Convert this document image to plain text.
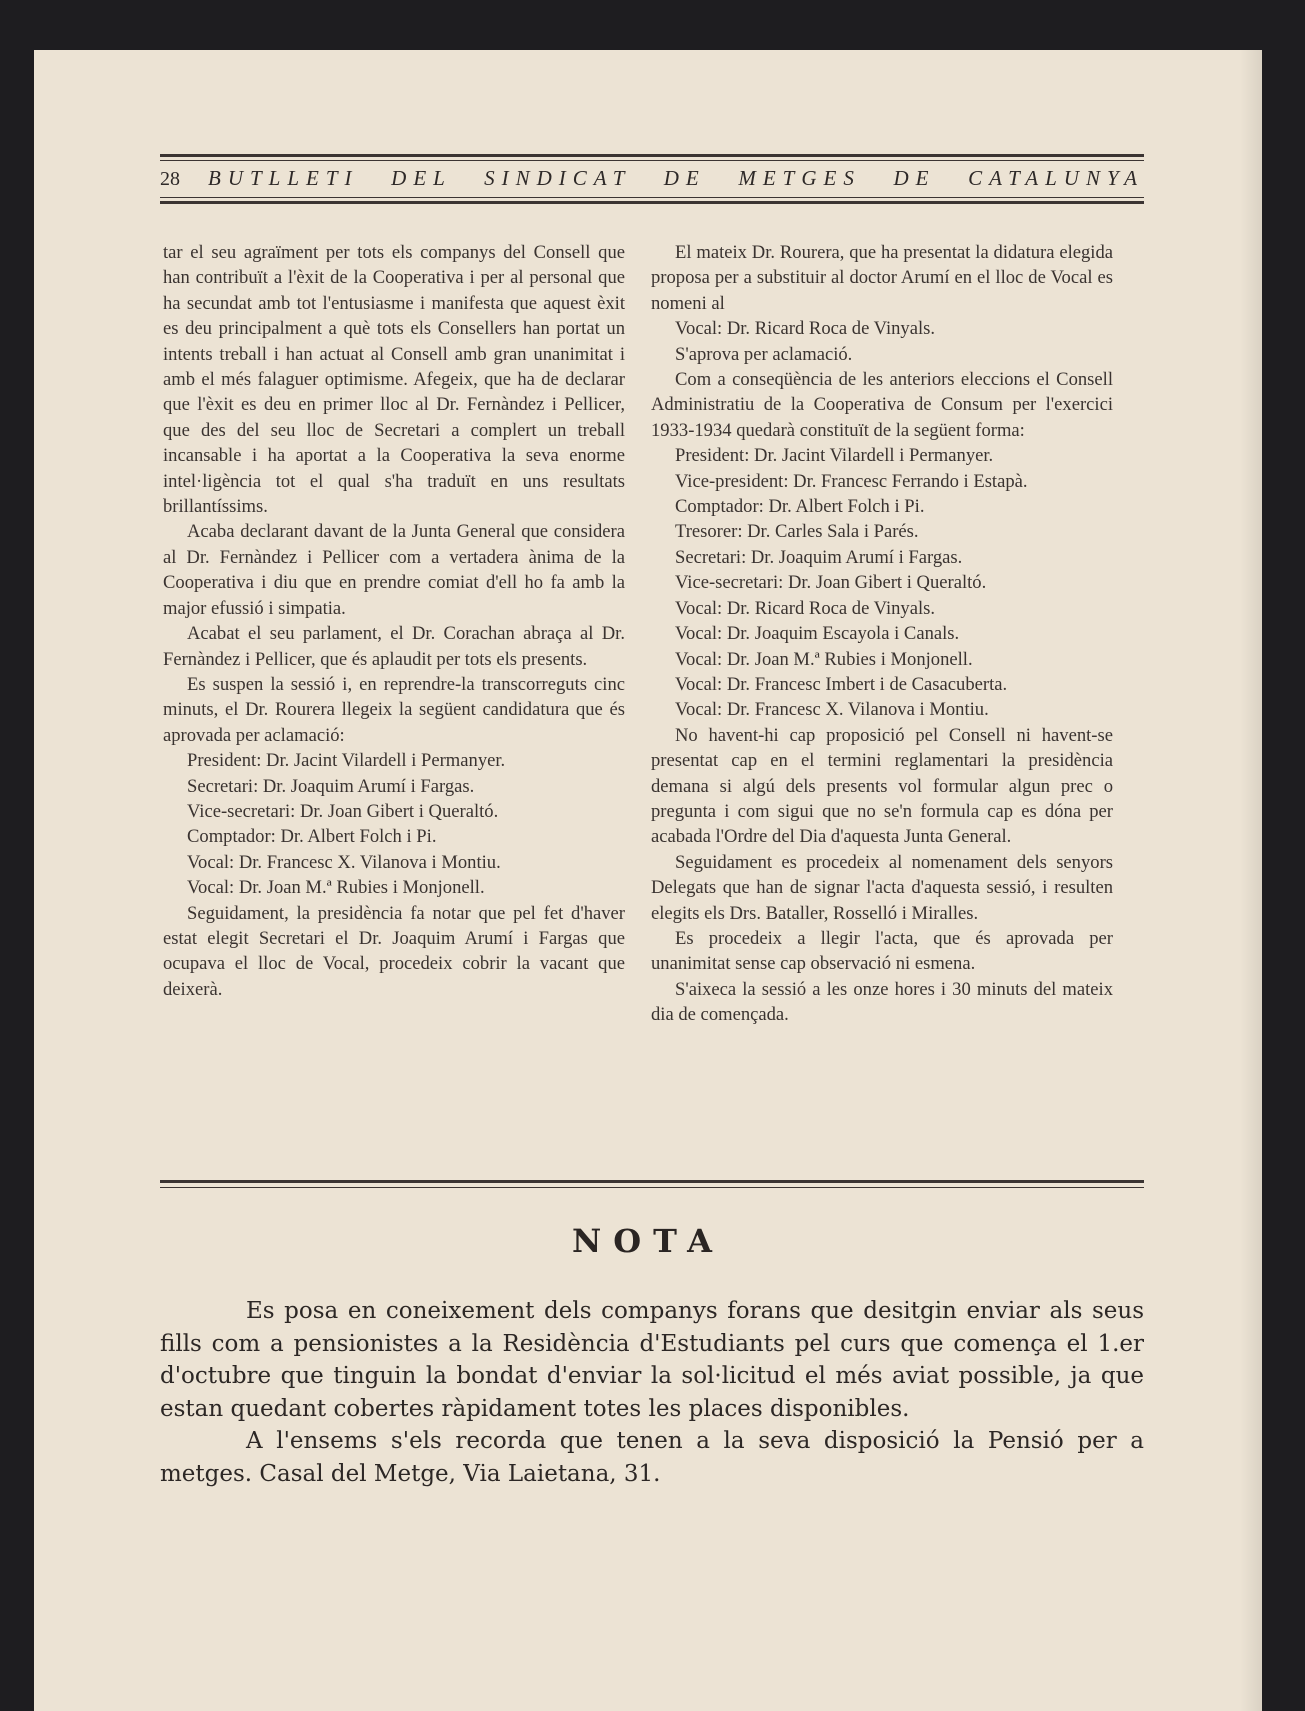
28 BUTLLETI DEL SINDICAT DE METGES DE CATALUNYA

tar el seu agraïment per tots els companys del Consell que han contribuït a l'èxit de la Cooperativa i per al personal que ha secundat amb tot l'entusiasme i manifesta que aquest èxit es deu principalment a què tots els Consellers han portat un intents treball i han actuat al Consell amb gran unanimitat i amb el més falaguer optimisme. Afegeix, que ha de declarar que l'èxit es deu en primer lloc al Dr. Fernàndez i Pellicer, que des del seu lloc de Secretari a complert un treball incansable i ha aportat a la Cooperativa la seva enorme intel·ligència tot el qual s'ha traduït en uns resultats brillantíssims.

Acaba declarant davant de la Junta General que considera al Dr. Fernàndez i Pellicer com a vertadera ànima de la Cooperativa i diu que en prendre comiat d'ell ho fa amb la major efussió i simpatia.

Acabat el seu parlament, el Dr. Corachan abraça al Dr. Fernàndez i Pellicer, que és aplaudit per tots els presents.

Es suspen la sessió i, en reprendre-la transcorreguts cinc minuts, el Dr. Rourera llegeix la següent candidatura que és aprovada per aclamació:

President: Dr. Jacint Vilardell i Permanyer.

Secretari: Dr. Joaquim Arumí i Fargas.

Vice-secretari: Dr. Joan Gibert i Queraltó.

Comptador: Dr. Albert Folch i Pi.

Vocal: Dr. Francesc X. Vilanova i Montiu.

Vocal: Dr. Joan M.ª Rubies i Monjonell.

Seguidament, la presidència fa notar que pel fet d'haver estat elegit Secretari el Dr. Joaquim Arumí i Fargas que ocupava el lloc de Vocal, procedeix cobrir la vacant que deixerà.

El mateix Dr. Rourera, que ha presentat la didatura elegida proposa per a substituir al doctor Arumí en el lloc de Vocal es nomeni al

Vocal: Dr. Ricard Roca de Vinyals.

S'aprova per aclamació.

Com a conseqüència de les anteriors eleccions el Consell Administratiu de la Cooperativa de Consum per l'exercici 1933-1934 quedarà constituït de la següent forma:

President: Dr. Jacint Vilardell i Permanyer.

Vice-president: Dr. Francesc Ferrando i Estapà.

Comptador: Dr. Albert Folch i Pi.

Tresorer: Dr. Carles Sala i Parés.

Secretari: Dr. Joaquim Arumí i Fargas.

Vice-secretari: Dr. Joan Gibert i Queraltó.

Vocal: Dr. Ricard Roca de Vinyals.

Vocal: Dr. Joaquim Escayola i Canals.

Vocal: Dr. Joan M.ª Rubies i Monjonell.

Vocal: Dr. Francesc Imbert i de Casacuberta.

Vocal: Dr. Francesc X. Vilanova i Montiu.

No havent-hi cap proposició pel Consell ni havent-se presentat cap en el termini reglamentari la presidència demana si algú dels presents vol formular algun prec o pregunta i com sigui que no se'n formula cap es dóna per acabada l'Ordre del Dia d'aquesta Junta General.

Seguidament es procedeix al nomenament dels senyors Delegats que han de signar l'acta d'aquesta sessió, i resulten elegits els Drs. Bataller, Rosselló i Miralles.

Es procedeix a llegir l'acta, que és aprovada per unanimitat sense cap observació ni esmena.

S'aixeca la sessió a les onze hores i 30 minuts del mateix dia de començada.

NOTA

Es posa en coneixement dels companys forans que desitgin enviar als seus fills com a pensionistes a la Residència d'Estudiants pel curs que comença el 1.er d'octubre que tinguin la bondat d'enviar la sol·licitud el més aviat possible, ja que estan quedant cobertes ràpidament totes les places disponibles.

A l'ensems s'els recorda que tenen a la seva disposició la Pensió per a metges. Casal del Metge, Via Laietana, 31.
